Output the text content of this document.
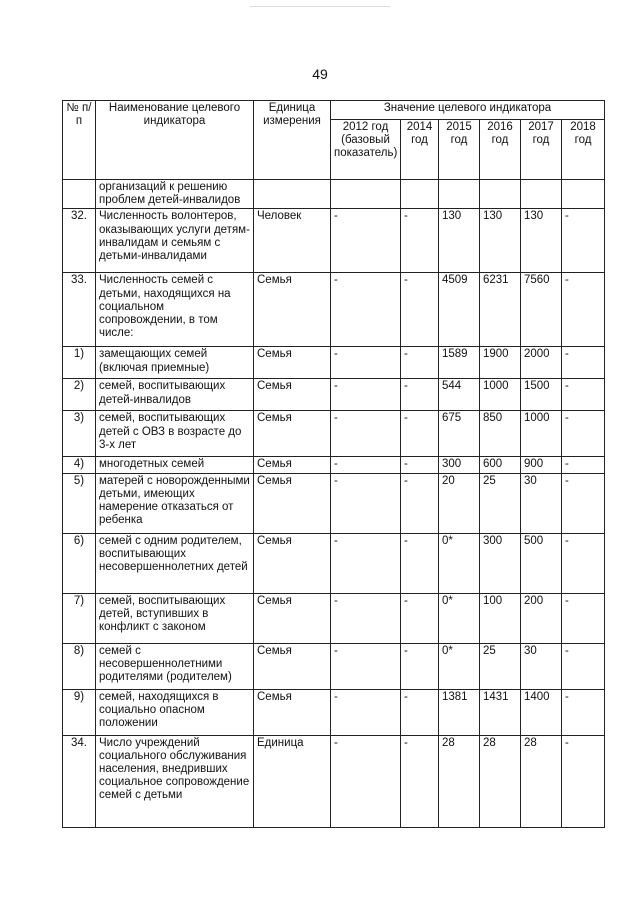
49
№ п/п	Наименование целевого индикатора	Единица измерения	Значение целевого индикатора					
			2012 год (базовый показатель)	2014 год	2015 год	2016 год	2017 год	2018 год
	организаций к решению проблем детей-инвалидов							
32.	Численность волонтеров, оказывающих услуги детям-инвалидам и семьям с детьми-инвалидами	Человек	-	-	130	130	130	-
33.	Численность семей с детьми, находящихся на социальном сопровождении, в том числе:	Семья	-	-	4509	6231	7560	-
1)	замещающих семей (включая приемные)	Семья	-	-	1589	1900	2000	-
2)	семей, воспитывающих детей-инвалидов	Семья	-	-	544	1000	1500	-
3)	семей, воспитывающих детей с ОВЗ в возрасте до 3-х лет	Семья	-	-	675	850	1000	-
4)	многодетных семей	Семья	-	-	300	600	900	-
5)	матерей с новорожденными детьми, имеющих намерение отказаться от ребенка	Семья	-	-	20	25	30	-
6)	семей с одним родителем, воспитывающих несовершеннолетних детей	Семья	-	-	0*	300	500	-
7)	семей, воспитывающих детей, вступивших в конфликт с законом	Семья	-	-	0*	100	200	-
8)	семей с несовершеннолетними родителями (родителем)	Семья	-	-	0*	25	30	-
9)	семей, находящихся в социально опасном положении	Семья	-	-	1381	1431	1400	-
34.	Число учреждений социального обслуживания населения, внедривших социальное сопровождение семей с детьми	Единица	-	-	28	28	28	-
